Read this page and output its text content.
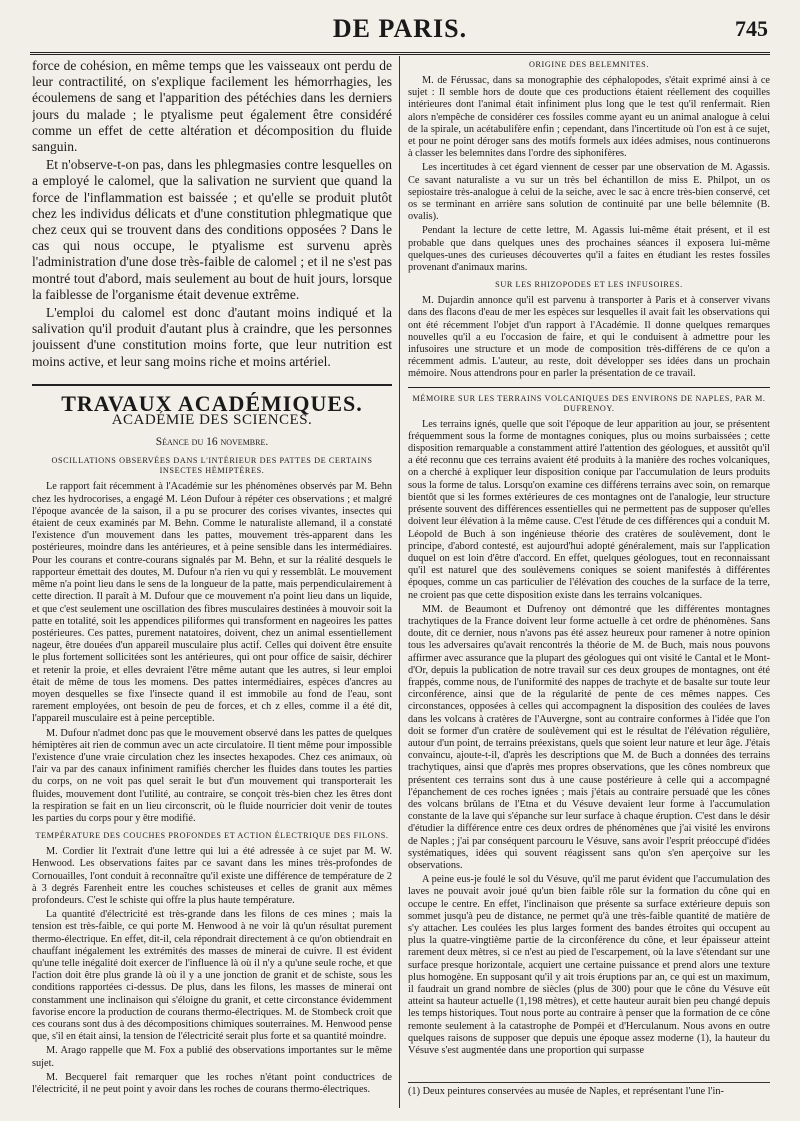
DE PARIS.	745

force de cohésion, en même temps que les vaisseaux ont perdu de leur contractilité, on s'explique facilement les hémorrhagies, les écoulemens de sang et l'apparition des pétéchies dans les derniers jours du malade ; le ptyalisme peut également être considéré comme un effet de cette altération et décomposition du fluide sanguin.

Et n'observe-t-on pas, dans les phlegmasies contre lesquelles on a employé le calomel, que la salivation ne survient que quand la force de l'inflammation est baissée ; et qu'elle se produit plutôt chez les individus délicats et d'une constitution phlegmatique que chez ceux qui se trouvent dans des conditions opposées ? Dans le cas qui nous occupe, le ptyalisme est survenu après l'administration d'une dose très-faible de calomel ; et il ne s'est pas montré tout d'abord, mais seulement au bout de huit jours, lorsque la faiblesse de l'organisme était devenue extrême.

L'emploi du calomel est donc d'autant moins indiqué et la salivation qu'il produit d'autant plus à craindre, que les personnes jouissent d'une constitution moins forte, que leur nutrition est moins active, et leur sang moins riche et moins artériel.

TRAVAUX ACADÉMIQUES.
ACADÉMIE DES SCIENCES.
Séance du 16 novembre.
OSCILLATIONS OBSERVÉES DANS L'INTÉRIEUR DES PATTES DE CERTAINS INSECTES HÉMIPTÈRES.

Le rapport fait récemment à l'Académie sur les phénomènes observés par M. Behn chez les hydrocorises, a engagé M. Léon Dufour à répéter ces observations ; et malgré l'époque avancée de la saison, il a pu se procurer des corises vivantes, insectes qui étaient de ceux examinés par M. Behn. Comme le naturaliste allemand, il a constaté l'existence d'un mouvement dans les pattes, mouvement très-apparent dans les postérieures, moindre dans les antérieures, et à peine sensible dans les intermédiaires. Pour les courans et contre-courans signalés par M. Behn, et sur la réalité desquels le rapporteur émettait des doutes, M. Dufour n'a rien vu qui y ressemblât. Le mouvement même n'a point lieu dans le sens de la longueur de la patte, mais perpendiculairement à cette direction. Il paraît à M. Dufour que ce mouvement n'a point lieu dans un liquide, et que c'est seulement une oscillation des fibres musculaires destinées à mouvoir soit la patte en totalité, soit les appendices piliformes qui transforment en nageoires les pattes postérieures. Ces pattes, purement natatoires, doivent, chez un animal essentiellement nageur, être douées d'un appareil musculaire plus actif. Celles qui doivent être ensuite le plus fortement sollicitées sont les antérieures, qui ont pour office de saisir, déchirer et retenir la proie, et elles devraient l'être même autant que les autres, si leur emploi était de même de tous les momens. Des pattes intermédiaires, espèces d'ancres au moyen desquelles se fixe l'insecte quand il est immobile au fond de l'eau, sont rarement employées, ont besoin de peu de forces, et ch z elles, comme il a été dit, l'appareil musculaire est à peine perceptible.

M. Dufour n'admet donc pas que le mouvement observé dans les pattes de quelques hémiptères ait rien de commun avec un acte circulatoire. Il tient même pour impossible l'existence d'une vraie circulation chez les insectes hexapodes. Chez ces animaux, où l'air va par des canaux infiniment ramifiés chercher les fluides dans toutes les parties du corps, on ne voit pas quel serait le but d'un mouvement qui transporterait les fluides, mouvement dont l'utilité, au contraire, se conçoit très-bien chez les êtres dont la respiration se fait en un lieu circonscrit, où le fluide nourricier doit venir de toutes les parties du corps pour y être modifié.

TEMPÉRATURE DES COUCHES PROFONDES ET ACTION ÉLECTRIQUE DES FILONS.

M. Cordier lit l'extrait d'une lettre qui lui a été adressée à ce sujet par M. W. Henwood. Les observations faites par ce savant dans les mines très-profondes de Cornouailles, l'ont conduit à reconnaître qu'il existe une différence de température de 2 à 3 degrés Farenheit entre les couches schisteuses et celles de granit aux mêmes profondeurs. C'est le schiste qui offre la plus haute température.

La quantité d'électricité est très-grande dans les filons de ces mines ; mais la tension est très-faible, ce qui porte M. Henwood à ne voir là qu'un résultat purement thermo-électrique. En effet, dit-il, cela répondrait directement à ce qu'on obtiendrait en chauffant inégalement les extrémités des masses de minerai de cuivre. Il est évident qu'une telle inégalité doit exercer de l'influence là où il n'y a qu'une seule roche, et que l'action doit être plus grande là où il y a une jonction de granit et de schiste, sous les conditions rapportées ci-dessus. De plus, dans les filons, les masses de minerai ont constamment une inclinaison qui s'éloigne du granit, et cette circonstance évidemment favorise encore la production de courans thermo-électriques. M. de Stombeck croit que ces courans sont dus à des décompositions chimiques souterraines. M. Henwood pense que, s'il en était ainsi, la tension de l'électricité serait plus forte et sa quantité moindre.

M. Arago rappelle que M. Fox a publié des observations importantes sur le même sujet.

M. Becquerel fait remarquer que les roches n'étant point conductrices de l'électricité, il ne peut point y avoir dans les roches de courans thermo-électriques.

ORIGINE DES BELEMNITES.

M. de Férussac, dans sa monographie des céphalopodes, s'était exprimé ainsi à ce sujet : Il semble hors de doute que ces productions étaient réellement des coquilles intérieures dont l'animal était infiniment plus long que le test qu'il renfermait. Rien alors n'empêche de considérer ces fossiles comme ayant eu un animal analogue à celui de la spirale, un acétabulifère enfin ; cependant, dans l'incertitude où l'on est à ce sujet, et pour ne point déroger sans des motifs formels aux idées admises, nous continuerons à classer les belemnites dans l'ordre des siphonifères.

Les incertitudes à cet égard viennent de cesser par une observation de M. Agassis. Ce savant naturaliste a vu sur un très bel échantillon de miss E. Philpot, un os sepiostaire très-analogue à celui de la seiche, avec le sac à encre très-bien conservé, cet os se terminant en arrière sans solution de continuité par une belle bélemnite (B. ovalis).

Pendant la lecture de cette lettre, M. Agassis lui-même était présent, et il est probable que dans quelques unes des prochaines séances il exposera lui-même quelques-unes des curieuses découvertes qu'il a faites en étudiant les restes fossiles provenant d'animaux marins.

SUR LES RHIZOPODES ET LES INFUSOIRES.

M. Dujardin annonce qu'il est parvenu à transporter à Paris et à conserver vivans dans des flacons d'eau de mer les espèces sur lesquelles il avait fait les observations qui ont été récemment l'objet d'un rapport à l'Académie. Il donne quelques remarques nouvelles qu'il a eu l'occasion de faire, et qui le conduisent à admettre pour les infusoires une structure et un mode de composition très-différens de ce qu'on a récemment admis. L'auteur, au reste, doit développer ses idées dans un prochain mémoire. Nous attendrons pour en parler la présentation de ce travail.

MÉMOIRE SUR LES TERRAINS VOLCANIQUES DES ENVIRONS DE NAPLES, PAR M. DUFRENOY.

Les terrains ignés, quelle que soit l'époque de leur apparition au jour, se présentent fréquemment sous la forme de montagnes coniques, plus ou moins surbaissées ; cette disposition remarquable a constamment attiré l'attention des géologues, et aussitôt qu'il a été reconnu que ces terrains avaient été produits à la manière des roches volcaniques, on a cherché à expliquer leur disposition conique par l'accumulation de leurs produits sous la forme de talus. Lorsqu'on examine ces différens terrains avec soin, on remarque bientôt que si les formes extérieures de ces montagnes ont de l'analogie, leur structure présente souvent des différences essentielles qui ne permettent pas de supposer qu'elles doivent leur élévation à la même cause. C'est l'étude de ces différences qui a conduit M. Léopold de Buch à son ingénieuse théorie des cratères de soulèvement, dont le principe, d'abord contesté, est aujourd'hui adopté généralement, mais sur l'application duquel on est loin d'être d'accord. En effet, quelques géologues, tout en reconnaissant qu'il est naturel que des soulèvemens coniques se soient manifestés à différentes époques, comme un cas particulier de l'élévation des couches de la surface de la terre, ne croient pas que cette disposition existe dans les terrains volcaniques.

MM. de Beaumont et Dufrenoy ont démontré que les différentes montagnes trachytiques de la France doivent leur forme actuelle à cet ordre de phénomènes. Sans doute, dit ce dernier, nous n'avons pas été assez heureux pour ramener à notre opinion tous les adversaires qu'avait rencontrés la théorie de M. de Buch, mais nous pouvons affirmer avec assurance que la plupart des géologues qui ont visité le Cantal et le Mont-d'Or, depuis la publication de notre travail sur ces deux groupes de montagnes, ont été frappés, comme nous, de l'uniformité des nappes de trachyte et de basalte sur toute leur circonférence, ainsi que de la régularité de pente de ces mêmes nappes. Ces circonstances, opposées à celles qui accompagnent la disposition des coulées de laves dans les volcans à cratères de l'Auvergne, sont au contraire conformes à l'idée que l'on doit se former d'un cratère de soulèvement qui est le résultat de l'élévation régulière, autour d'un point, de terrains préexistans, quels que soient leur nature et leur âge. J'étais convaincu, ajoute-t-il, d'après les descriptions que M. de Buch a données des terrains trachytiques, ainsi que d'après mes propres observations, que les cônes nombreux que présentent ces terrains sont dus à une cause postérieure à celle qui a accompagné l'épanchement de ces roches ignées ; mais j'étais au contraire persuadé que les cônes des volcans brûlans de l'Etna et du Vésuve devaient leur forme à l'accumulation constante de la lave qui s'épanche sur leur surface à chaque éruption. C'est dans le désir d'étudier la différence entre ces deux ordres de phénomènes que j'ai visité les environs de Naples ; j'ai par conséquent parcouru le Vésuve, sans avoir l'esprit préoccupé d'idées systématiques, idées qui souvent réagissent sans qu'on s'en aperçoive sur les observations.

A peine eus-je foulé le sol du Vésuve, qu'il me parut évident que l'accumulation des laves ne pouvait avoir joué qu'un bien faible rôle sur la formation du cône qui en occupe le centre. En effet, l'inclinaison que présente sa surface extérieure depuis son sommet jusqu'à peu de distance, ne permet qu'à une très-faible quantité de matière de s'y attacher. Les coulées les plus larges forment des bandes étroites qui occupent au plus la quatre-vingtième partie de la circonférence du cône, et leur épaisseur atteint rarement deux mètres, si ce n'est au pied de l'escarpement, où la lave s'étendant sur une surface presque horizontale, acquiert une certaine puissance et prend alors une texture plus homogène. En supposant qu'il y ait trois éruptions par an, ce qui est un maximum, il faudrait un grand nombre de siècles (plus de 300) pour que le cône du Vésuve eût atteint sa hauteur actuelle (1,198 mètres), et cette hauteur aurait bien peu changé depuis les temps historiques. Tout nous porte au contraire à penser que la formation de ce cône remonte seulement à la catastrophe de Pompéi et d'Herculanum. Nous avons en outre quelques raisons de supposer que depuis une époque assez moderne (1), la hauteur du Vésuve s'est augmentée dans une proportion qui surpasse

(1) Deux peintures conservées au musée de Naples, et représentant l'une l'in-
